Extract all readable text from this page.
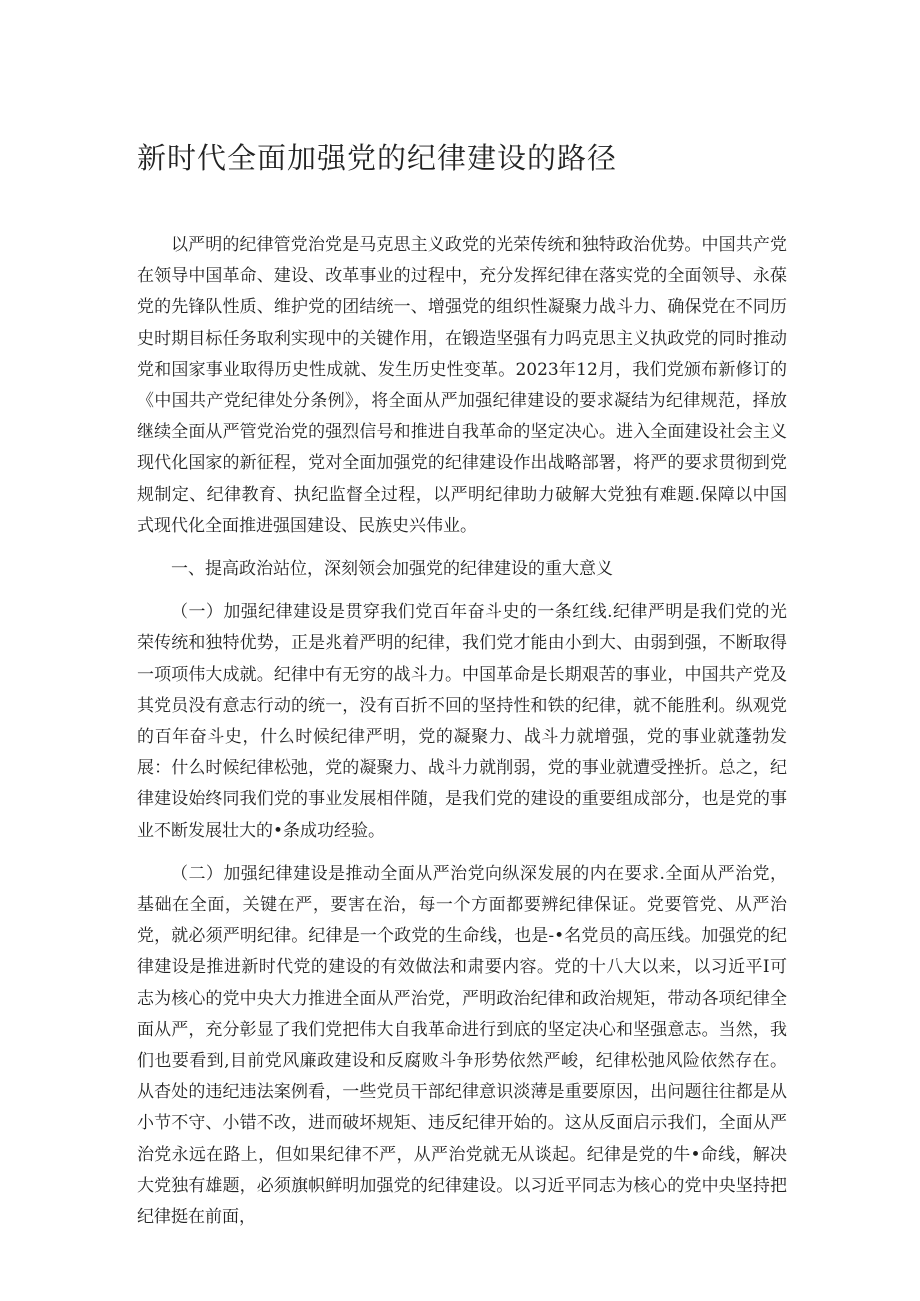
新时代全面加强党的纪律建设的路径

以严明的纪律管党治党是马克思主义政党的光荣传统和独特政治优势。中国共产党在领导中国革命、建设、改革事业的过程中，充分发挥纪律在落实党的全面领导、永葆党的先锋队性质、维护党的团结统一、增强党的组织性凝聚力战斗力、确保党在不同历史时期目标任务取利实现中的关键作用，在锻造坚强有力吗克思主义执政党的同时推动党和国家事业取得历史性成就、发生历史性变革。2023年12月，我们党颁布新修订的《中国共产党纪律处分条例》，将全面从严加强纪律建设的要求凝结为纪律规范，择放继续全面从严管党治党的强烈信号和推进自我革命的坚定决心。进入全面建设社会主义现代化国家的新征程，党对全面加强党的纪律建设作出战略部署，将严的要求贯彻到党规制定、纪律教育、执纪监督全过程，以严明纪律助力破解大党独有难题.保障以中国式现代化全面推进强国建设、民族史兴伟业。

一、提高政治站位，深刻领会加强党的纪律建设的重大意义

（一）加强纪律建设是贯穿我们党百年奋斗史的一条红线.纪律严明是我们党的光荣传统和独特优势，正是兆着严明的纪律，我们党才能由小到大、由弱到强，不断取得一项项伟大成就。纪律中有无穷的战斗力。中国革命是长期艰苦的事业，中国共产党及其党员没有意志行动的统一，没有百折不回的坚持性和铁的纪律，就不能胜利。纵观党的百年奋斗史，什么时候纪律严明，党的凝聚力、战斗力就增强，党的事业就蓬勃发展：什么时候纪律松弛，党的凝聚力、战斗力就削弱，党的事业就遭受挫折。总之，纪律建设始终同我们党的事业发展相伴随，是我们党的建设的重要组成部分，也是党的事业不断发展壮大的•条成功经验。

（二）加强纪律建设是推动全面从严治党向纵深发展的内在要求.全面从严治党，基础在全面，关键在严，要害在治，每一个方面都要辨纪律保证。党要管党、从严治党，就必须严明纪律。纪律是一个政党的生命线，也是-•名党员的高压线。加强党的纪律建设是推进新时代党的建设的有效做法和肃要内容。党的十八大以来，以习近平I可志为核心的党中央大力推进全面从严治党，严明政治纪律和政治规矩，带动各项纪律全面从严，充分彰显了我们党把伟大自我革命进行到底的坚定决心和坚强意志。当然，我们也要看到,目前党风廉政建设和反腐败斗争形势依然严峻，纪律松弛风险依然存在。从杳处的违纪违法案例看，一些党员干部纪律意识淡薄是重要原因，出问题往往都是从小节不守、小错不改，进而破坏规矩、违反纪律开始的。这从反面启示我们，全面从严治党永远在路上，但如果纪律不严，从严治党就无从谈起。纪律是党的牛•命线，解决大党独有雄题，必须旗帜鲜明加强党的纪律建设。以习近平同志为核心的党中央坚持把纪律挺在前面，
